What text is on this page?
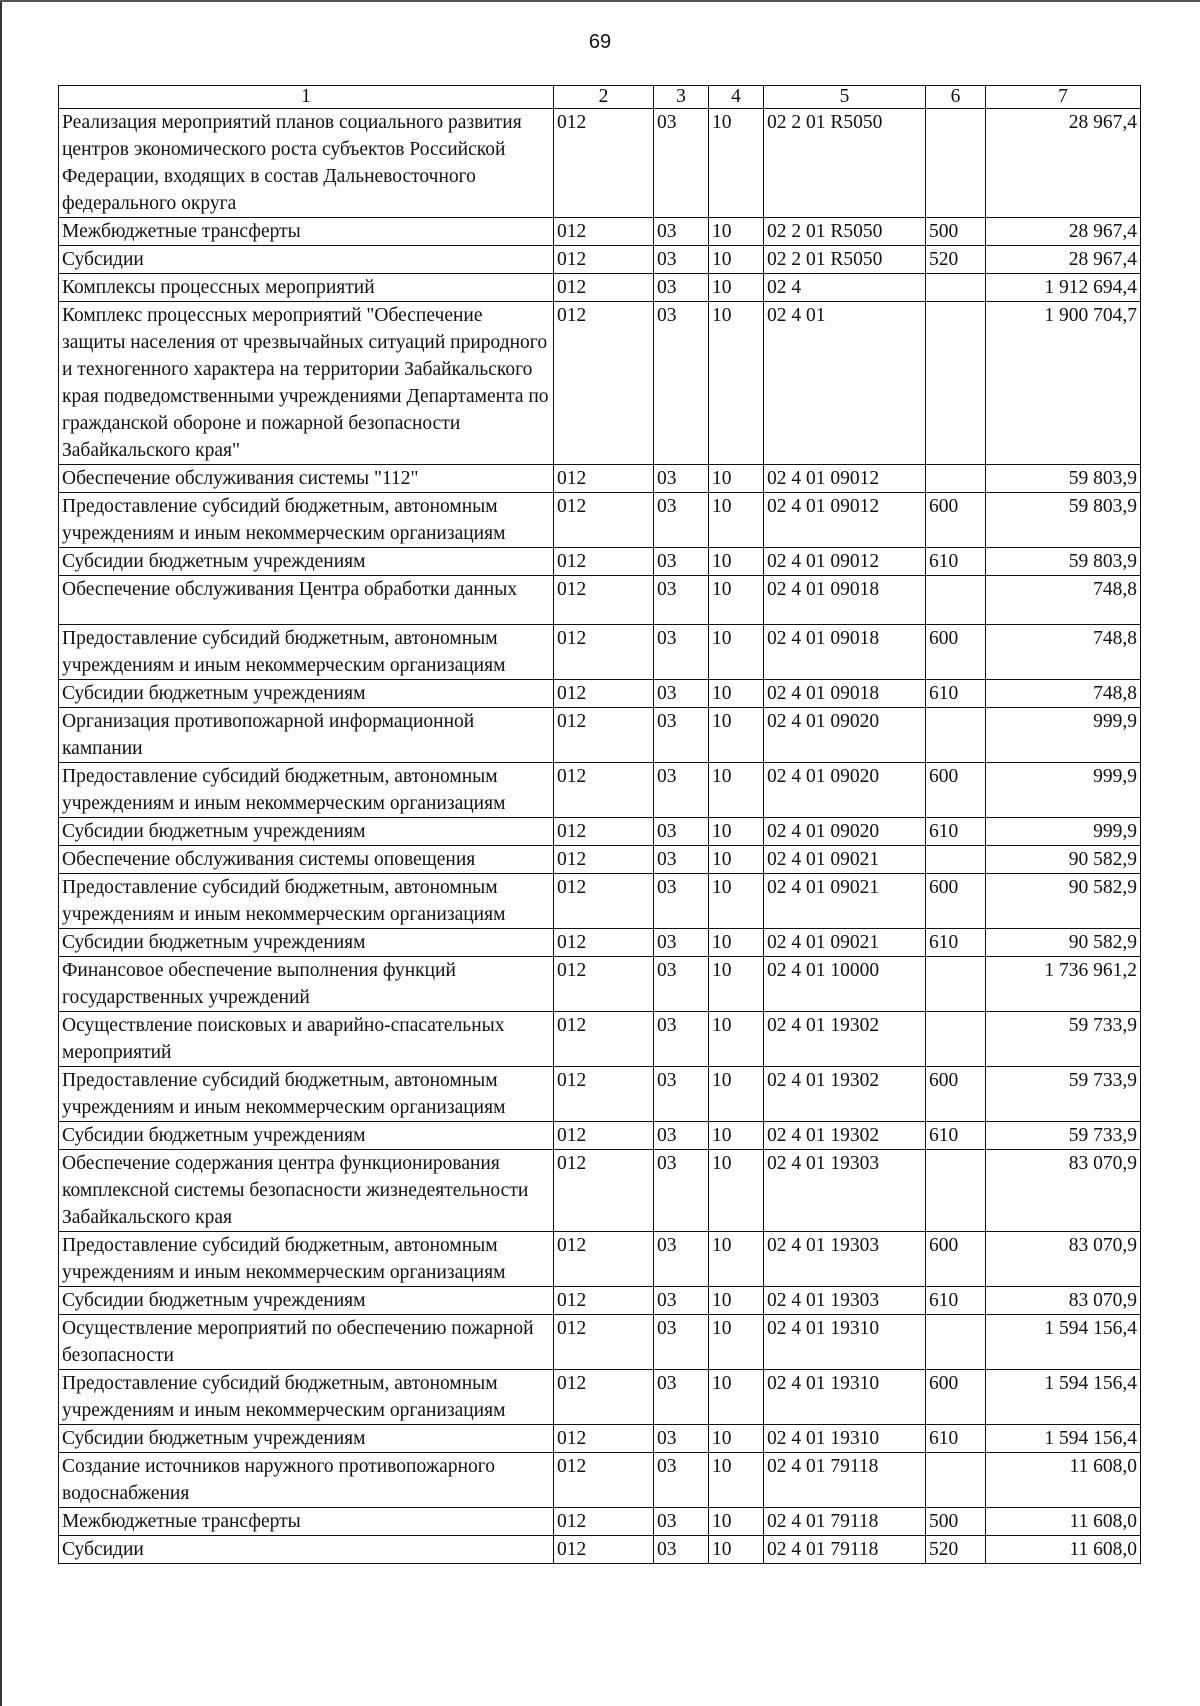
69
1	2	3	4	5	6	7
Реализация мероприятий планов социального развития центров экономического роста субъектов Российской Федерации, входящих в состав Дальневосточного федерального округа	012	03	10	02 2 01 R5050		28 967,4
Межбюджетные трансферты	012	03	10	02 2 01 R5050	500	28 967,4
Субсидии	012	03	10	02 2 01 R5050	520	28 967,4
Комплексы процессных мероприятий	012	03	10	02 4		1 912 694,4
Комплекс процессных мероприятий "Обеспечение защиты населения от чрезвычайных ситуаций природного и техногенного характера на территории Забайкальского края подведомственными учреждениями Департамента по гражданской обороне и пожарной безопасности Забайкальского края"	012	03	10	02 4 01		1 900 704,7
Обеспечение обслуживания системы "112"	012	03	10	02 4 01 09012		59 803,9
Предоставление субсидий бюджетным, автономным учреждениям и иным некоммерческим организациям	012	03	10	02 4 01 09012	600	59 803,9
Субсидии бюджетным учреждениям	012	03	10	02 4 01 09012	610	59 803,9
Обеспечение обслуживания Центра обработки данных	012	03	10	02 4 01 09018		748,8
Предоставление субсидий бюджетным, автономным учреждениям и иным некоммерческим организациям	012	03	10	02 4 01 09018	600	748,8
Субсидии бюджетным учреждениям	012	03	10	02 4 01 09018	610	748,8
Организация противопожарной информационной кампании	012	03	10	02 4 01 09020		999,9
Предоставление субсидий бюджетным, автономным учреждениям и иным некоммерческим организациям	012	03	10	02 4 01 09020	600	999,9
Субсидии бюджетным учреждениям	012	03	10	02 4 01 09020	610	999,9
Обеспечение обслуживания системы оповещения	012	03	10	02 4 01 09021		90 582,9
Предоставление субсидий бюджетным, автономным учреждениям и иным некоммерческим организациям	012	03	10	02 4 01 09021	600	90 582,9
Субсидии бюджетным учреждениям	012	03	10	02 4 01 09021	610	90 582,9
Финансовое обеспечение выполнения функций государственных учреждений	012	03	10	02 4 01 10000		1 736 961,2
Осуществление поисковых и аварийно-спасательных мероприятий	012	03	10	02 4 01 19302		59 733,9
Предоставление субсидий бюджетным, автономным учреждениям и иным некоммерческим организациям	012	03	10	02 4 01 19302	600	59 733,9
Субсидии бюджетным учреждениям	012	03	10	02 4 01 19302	610	59 733,9
Обеспечение содержания центра функционирования комплексной системы безопасности жизнедеятельности Забайкальского края	012	03	10	02 4 01 19303		83 070,9
Предоставление субсидий бюджетным, автономным учреждениям и иным некоммерческим организациям	012	03	10	02 4 01 19303	600	83 070,9
Субсидии бюджетным учреждениям	012	03	10	02 4 01 19303	610	83 070,9
Осуществление мероприятий по обеспечению пожарной безопасности	012	03	10	02 4 01 19310		1 594 156,4
Предоставление субсидий бюджетным, автономным учреждениям и иным некоммерческим организациям	012	03	10	02 4 01 19310	600	1 594 156,4
Субсидии бюджетным учреждениям	012	03	10	02 4 01 19310	610	1 594 156,4
Создание источников наружного противопожарного водоснабжения	012	03	10	02 4 01 79118		11 608,0
Межбюджетные трансферты	012	03	10	02 4 01 79118	500	11 608,0
Субсидии	012	03	10	02 4 01 79118	520	11 608,0
